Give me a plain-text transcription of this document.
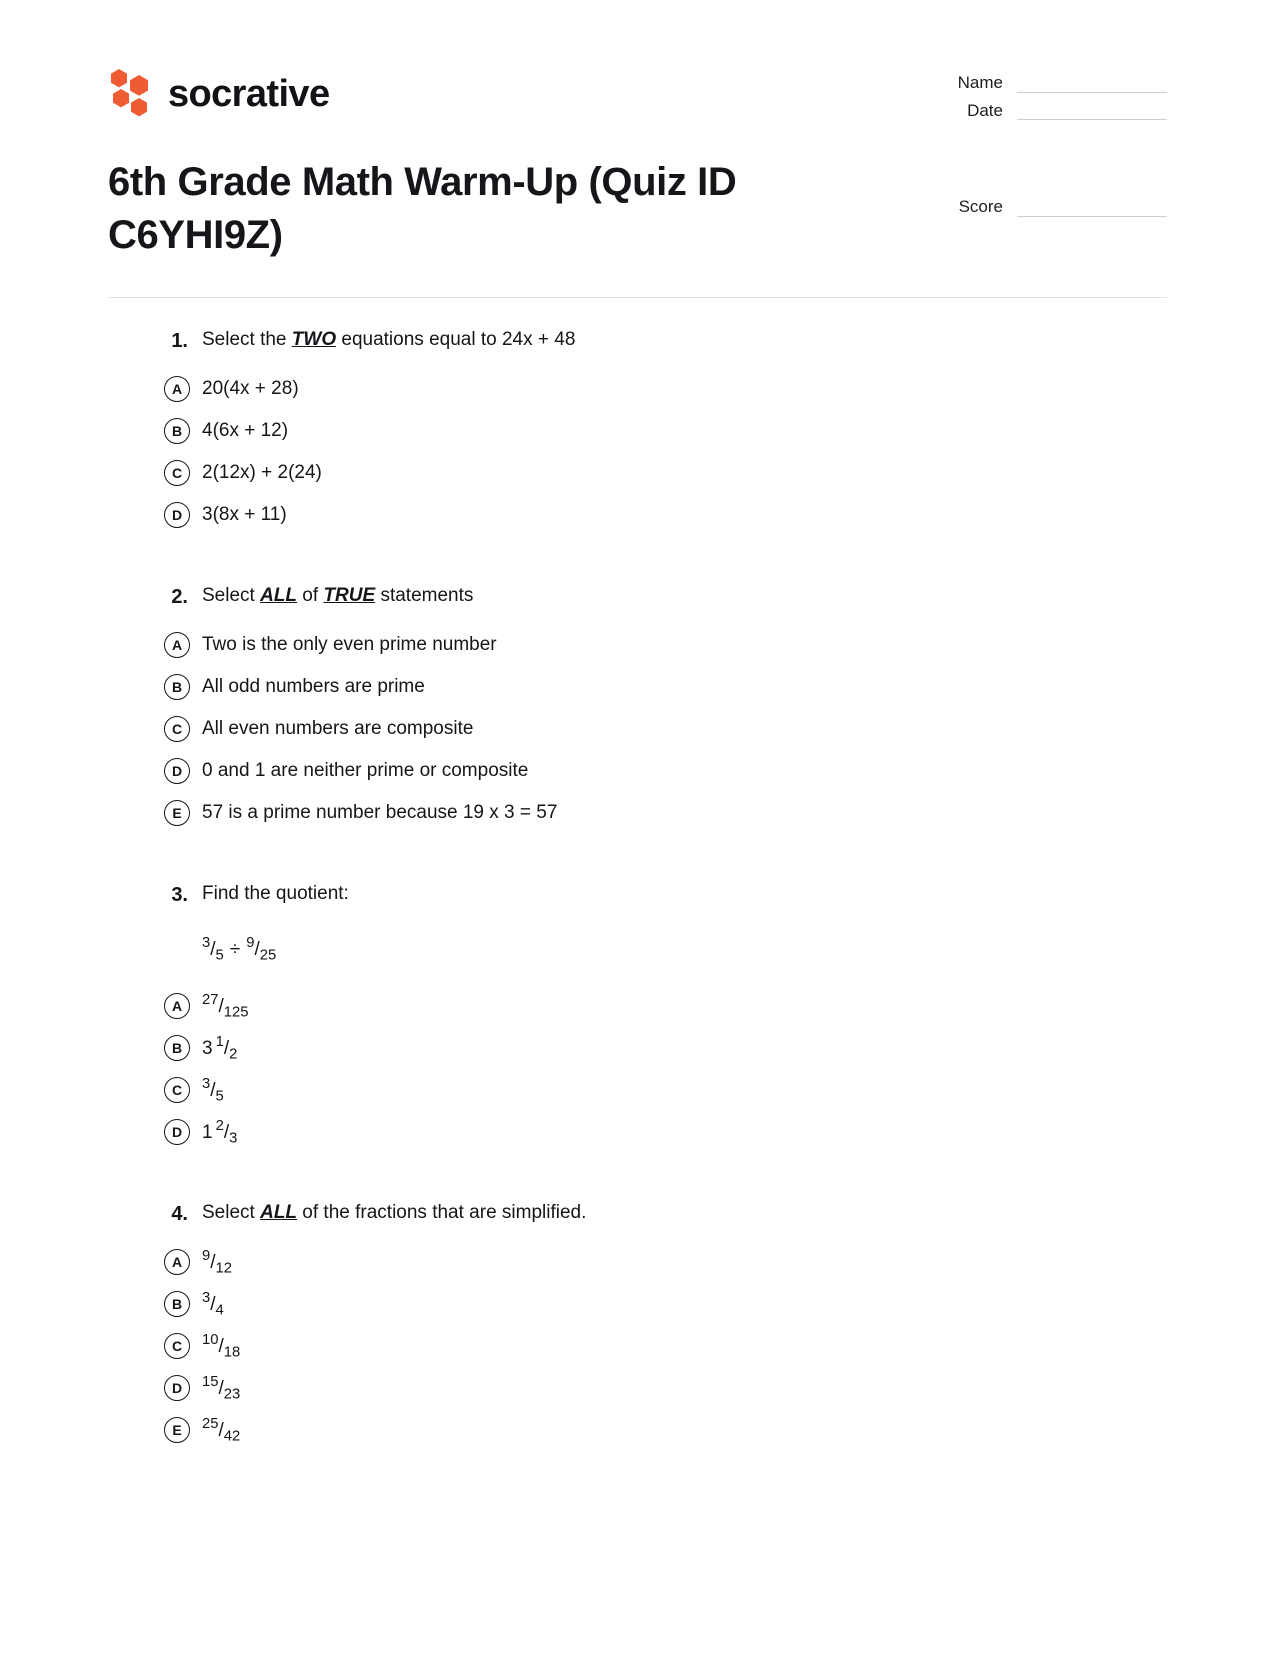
socrative
6th Grade Math Warm-Up (Quiz ID C6YHI9Z)
Name
Date
Score
1. Select the TWO equations equal to 24x + 48
A	20(4x + 28)
B	4(6x + 12)
C	2(12x) + 2(24)
D	3(8x + 11)
2. Select ALL of TRUE statements
A	Two is the only even prime number
B	All odd numbers are prime
C	All even numbers are composite
D	0 and 1 are neither prime or composite
E	57 is a prime number because 19 x 3 = 57
3. Find the quotient:
$^3/_5 \div ^9/_{25}$
A	$^{27}/_{125}$
B	3 $^1/_2$
C	$^3/_5$
D	1 $^2/_3$
4. Select ALL of the fractions that are simplified.
A	$^9/_{12}$
B	$^3/_4$
C	$^{10}/_{18}$
D	$^{15}/_{23}$
E	$^{25}/_{42}$
